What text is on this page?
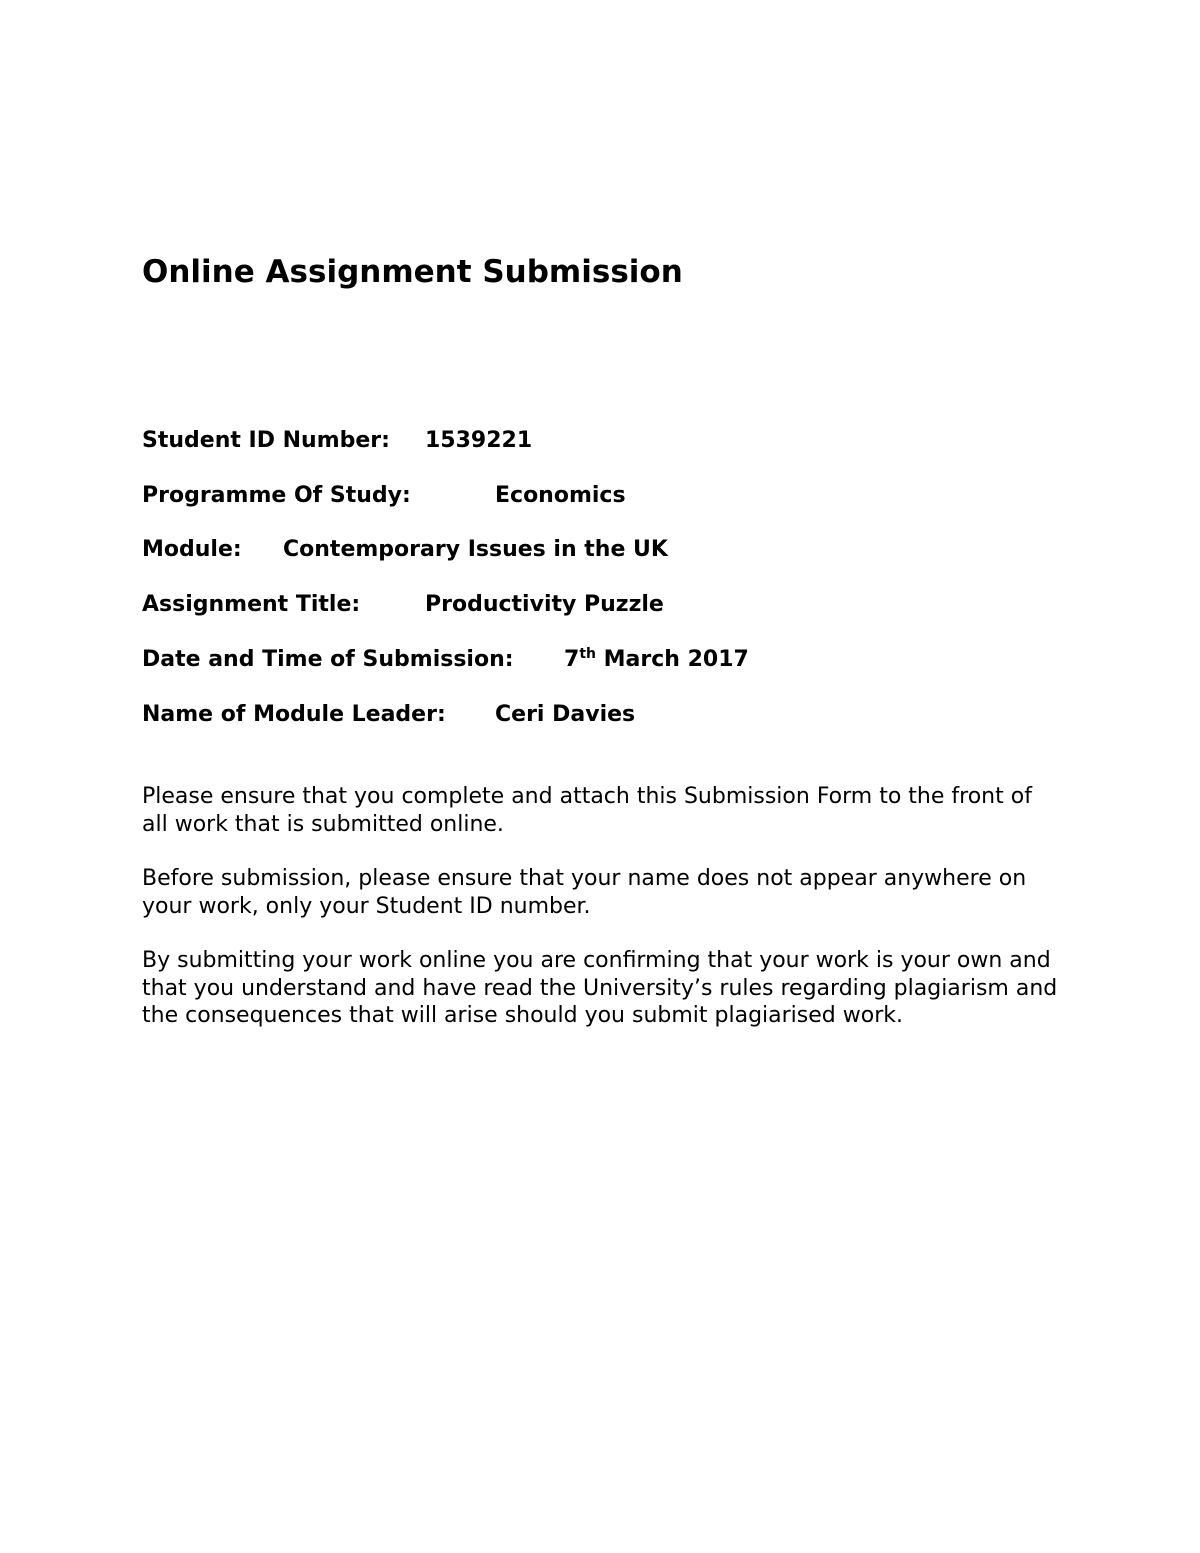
Online Assignment Submission

Student ID Number: 1539221

Programme Of Study:	Economics

Module: Contemporary Issues in the UK

Assignment Title:	Productivity Puzzle

Date and Time of Submission: 7th March 2017

Name of Module Leader: Ceri Davies

Please ensure that you complete and attach this Submission Form to the front of all work that is submitted online.

Before submission, please ensure that your name does not appear anywhere on your work, only your Student ID number.

By submitting your work online you are confirming that your work is your own and that you understand and have read the University’s rules regarding plagiarism and the consequences that will arise should you submit plagiarised work.
